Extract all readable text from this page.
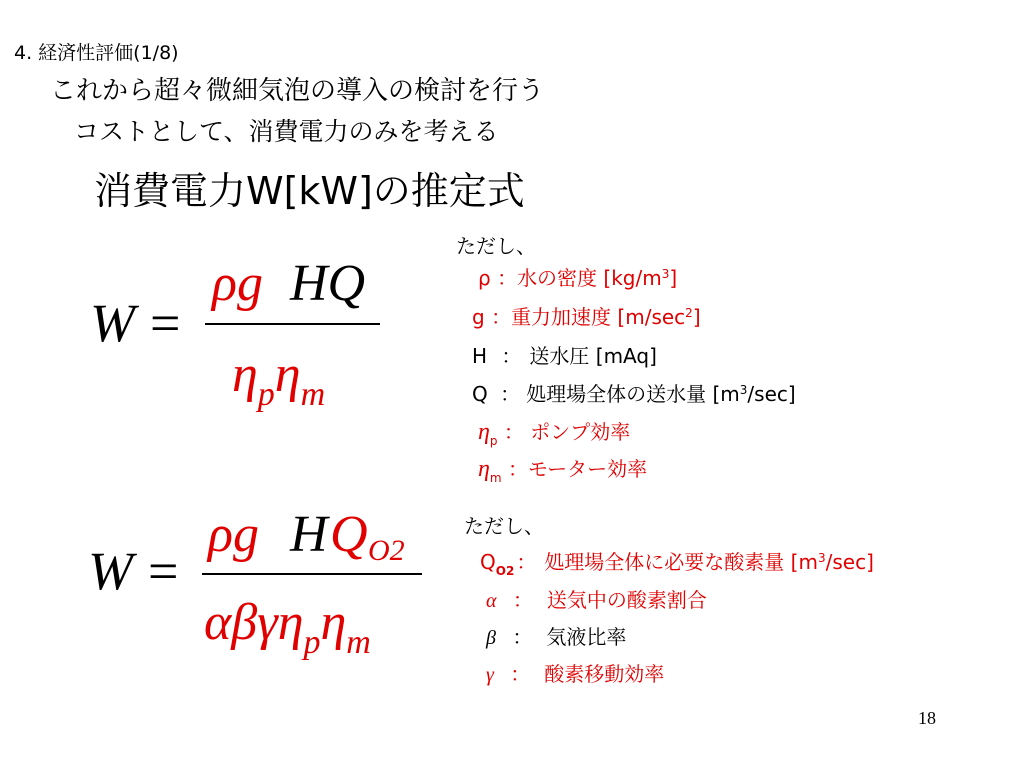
4. 経済性評価(1/8)
これから超々微細気泡の導入の検討を行う
コストとして、消費電力のみを考える
消費電力W[kW]の推定式
W =
ρg HQ
$\eta_p\eta_m$
ただし、
ρ ：水の密度 $[kg/m^3]$
g ：重力加速度 $[m/\sec^2]$
H ： 送水圧 [mAq]
Q ： 処理場全体の送水量 $[m^3/\sec]$
$\eta_p$ ： ポンプ効率
$\eta_m$ ：モーター効率
W =
ρg H Q O2
$\alpha\beta\gamma\eta_p\eta_m$
ただし、
$Q_{O2}$ ： 処理場全体に必要な酸素量 $[m^3/\sec]$
α ： 送気中の酸素割合
β ： 気液比率
γ ： 酸素移動効率
18
